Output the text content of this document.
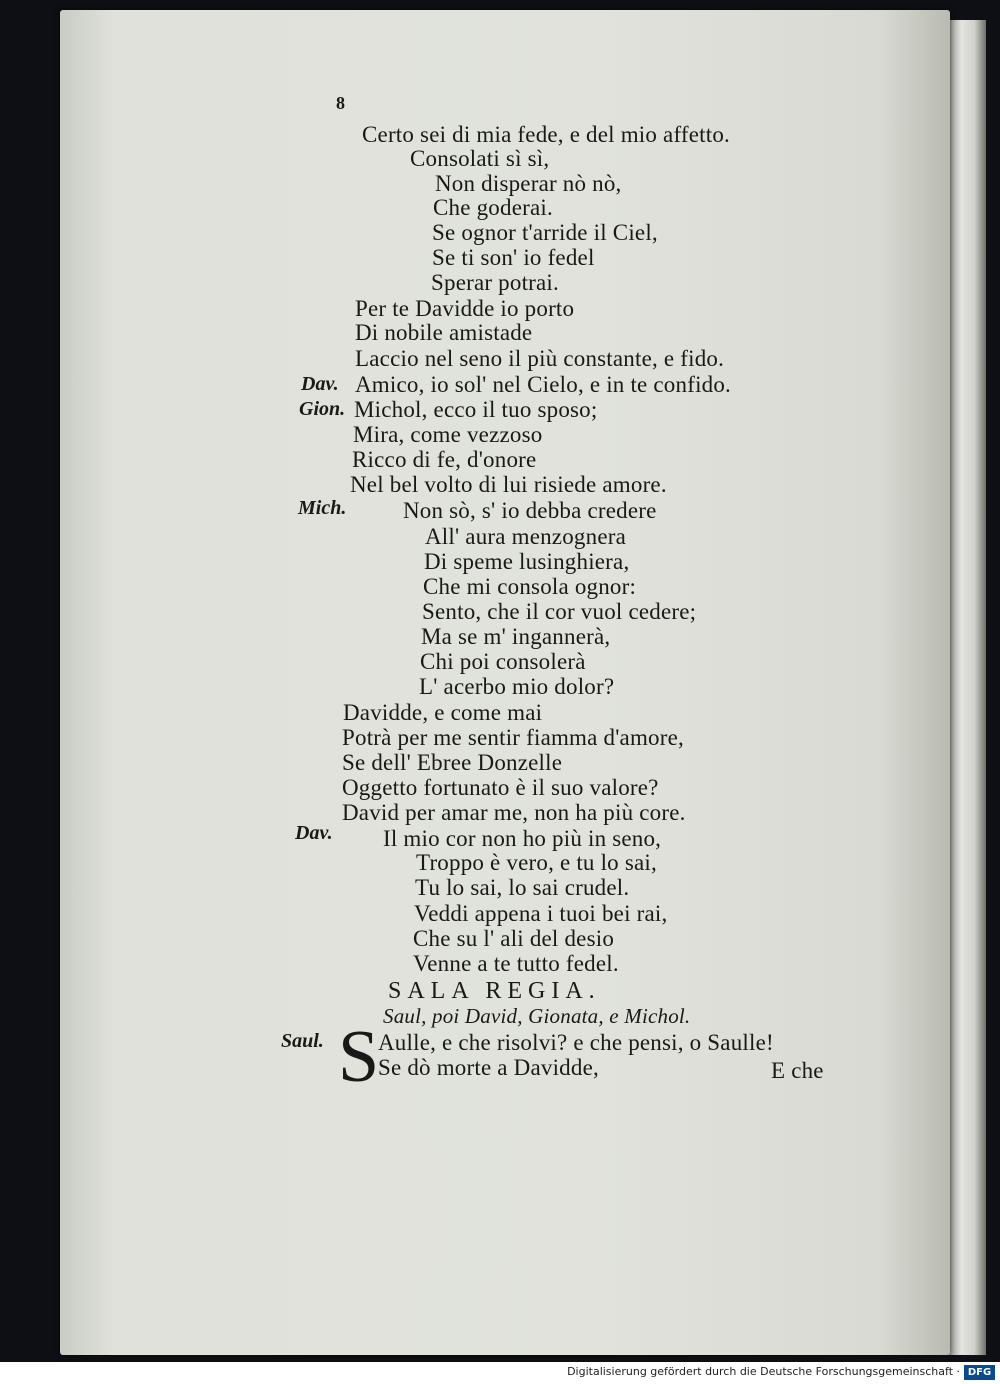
8
Certo sei di mia fede, e del mio affetto.
Consolati sì sì,
Non disperar nò nò,
Che goderai.
Se ognor t'arride il Ciel,
Se ti son' io fedel
Sperar potrai.
Per te Davidde io porto
Di nobile amistade
Laccio nel seno il più constante, e fido.
Dav. Amico, io sol' nel Cielo, e in te confido.
Gion. Michol, ecco il tuo sposo;
Mira, come vezzoso
Ricco di fe, d'onore
Nel bel volto di lui risiede amore.
Mich. Non sò, s' io debba credere
All' aura menzognera
Di speme lusinghiera,
Che mi consola ognor:
Sento, che il cor vuol cedere;
Ma se m' ingannerà,
Chi poi consolerà
L' acerbo mio dolor?
Davidde, e come mai
Potrà per me sentir fiamma d'amore,
Se dell' Ebree Donzelle
Oggetto fortunato è il suo valore?
David per amar me, non ha più core.
Dav. Il mio cor non ho più in seno,
Troppo è vero, e tu lo sai,
Tu lo sai, lo sai crudel.
Veddi appena i tuoi bei rai,
Che su l' ali del desio
Venne a te tutto fedel.
SALA REGIA.
Saul, poi David, Gionata, e Michol.
Saul. S
Aulle, e che risolvi? e che pensi, o Saulle!
Se dò morte a Davidde,	E che
Digitalisierung gefördert durch die Deutsche Forschungsgemeinschaft · DFG
